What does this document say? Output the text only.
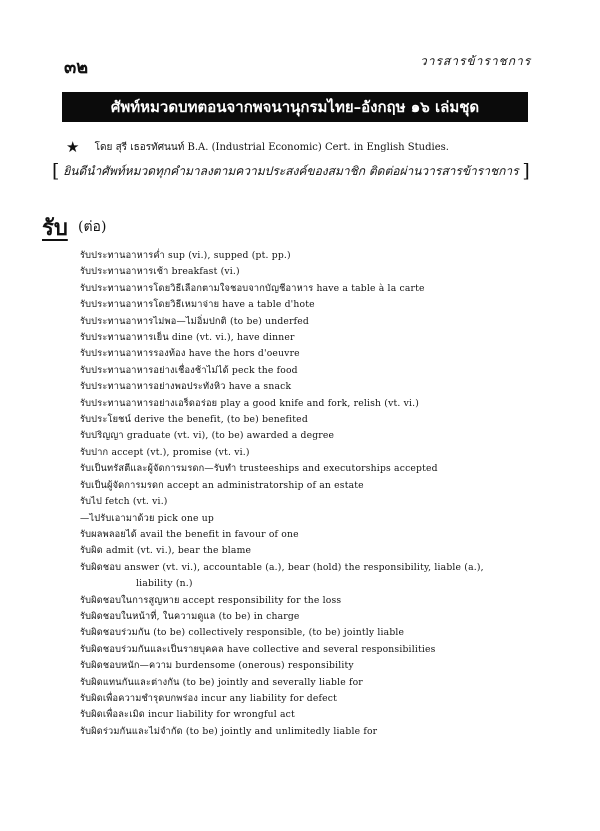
๓๒	วารสารข้าราชการ
ศัพท์หมวดบทตอนจากพจนานุกรมไทย–อังกฤษ ๑๖ เล่มชุด
★ โดย สุรี เธอรทัศนนท์ B.A. (Industrial Economic) Cert. in English Studies.
[ ยินดีนำศัพท์หมวดทุกคำมาลงตามความประสงค์ของสมาชิก ติดต่อผ่านวารสารข้าราชการ ]
รับ (ต่อ)
รับประทานอาหารค่ำ sup (vi.), supped (pt. pp.)
รับประทานอาหารเช้า breakfast (vi.)
รับประทานอาหารโดยวิธีเลือกตามใจชอบจากบัญชีอาหาร have a table à la carte
รับประทานอาหารโดยวิธีเหมาจ่าย have a table d'hote
รับประทานอาหารไม่พอ—ไม่อิ่มปกติ (to be) underfed
รับประทานอาหารเย็น dine (vt. vi.), have dinner
รับประทานอาหารรองท้อง have the hors d'oeuvre
รับประทานอาหารอย่างเชื่องช้าไม่ได้ peck the food
รับประทานอาหารอย่างพอประทังหิว have a snack
รับประทานอาหารอย่างเอร็ดอร่อย play a good knife and fork, relish (vt. vi.)
รับประโยชน์ derive the benefit, (to be) benefited
รับปริญญา graduate (vt. vi), (to be) awarded a degree
รับปาก accept (vt.), promise (vt. vi.)
รับเป็นทรัสตีและผู้จัดการมรดก—รับทำ trusteeships and executorships accepted
รับเป็นผู้จัดการมรดก accept an administratorship of an estate
รับไป fetch (vt. vi.)
—ไปรับเอามาด้วย pick one up
รับผลพลอยได้ avail the benefit in favour of one
รับผิด admit (vt. vi.), bear the blame
รับผิดชอบ answer (vt. vi.), accountable (a.), bear (hold) the responsibility, liable (a.),
liability (n.)
รับผิดชอบในการสูญหาย accept responsibility for the loss
รับผิดชอบในหน้าที่, ในความดูแล (to be) in charge
รับผิดชอบร่วมกัน (to be) collectively responsible, (to be) jointly liable
รับผิดชอบร่วมกันและเป็นรายบุคคล have collective and several responsibilities
รับผิดชอบหนัก—ความ burdensome (onerous) responsibility
รับผิดแทนกันและต่างกัน (to be) jointly and severally liable for
รับผิดเพื่อความชำรุดบกพร่อง incur any liability for defect
รับผิดเพื่อละเมิด incur liability for wrongful act
รับผิดร่วมกันและไม่จำกัด (to be) jointly and unlimitedly liable for
